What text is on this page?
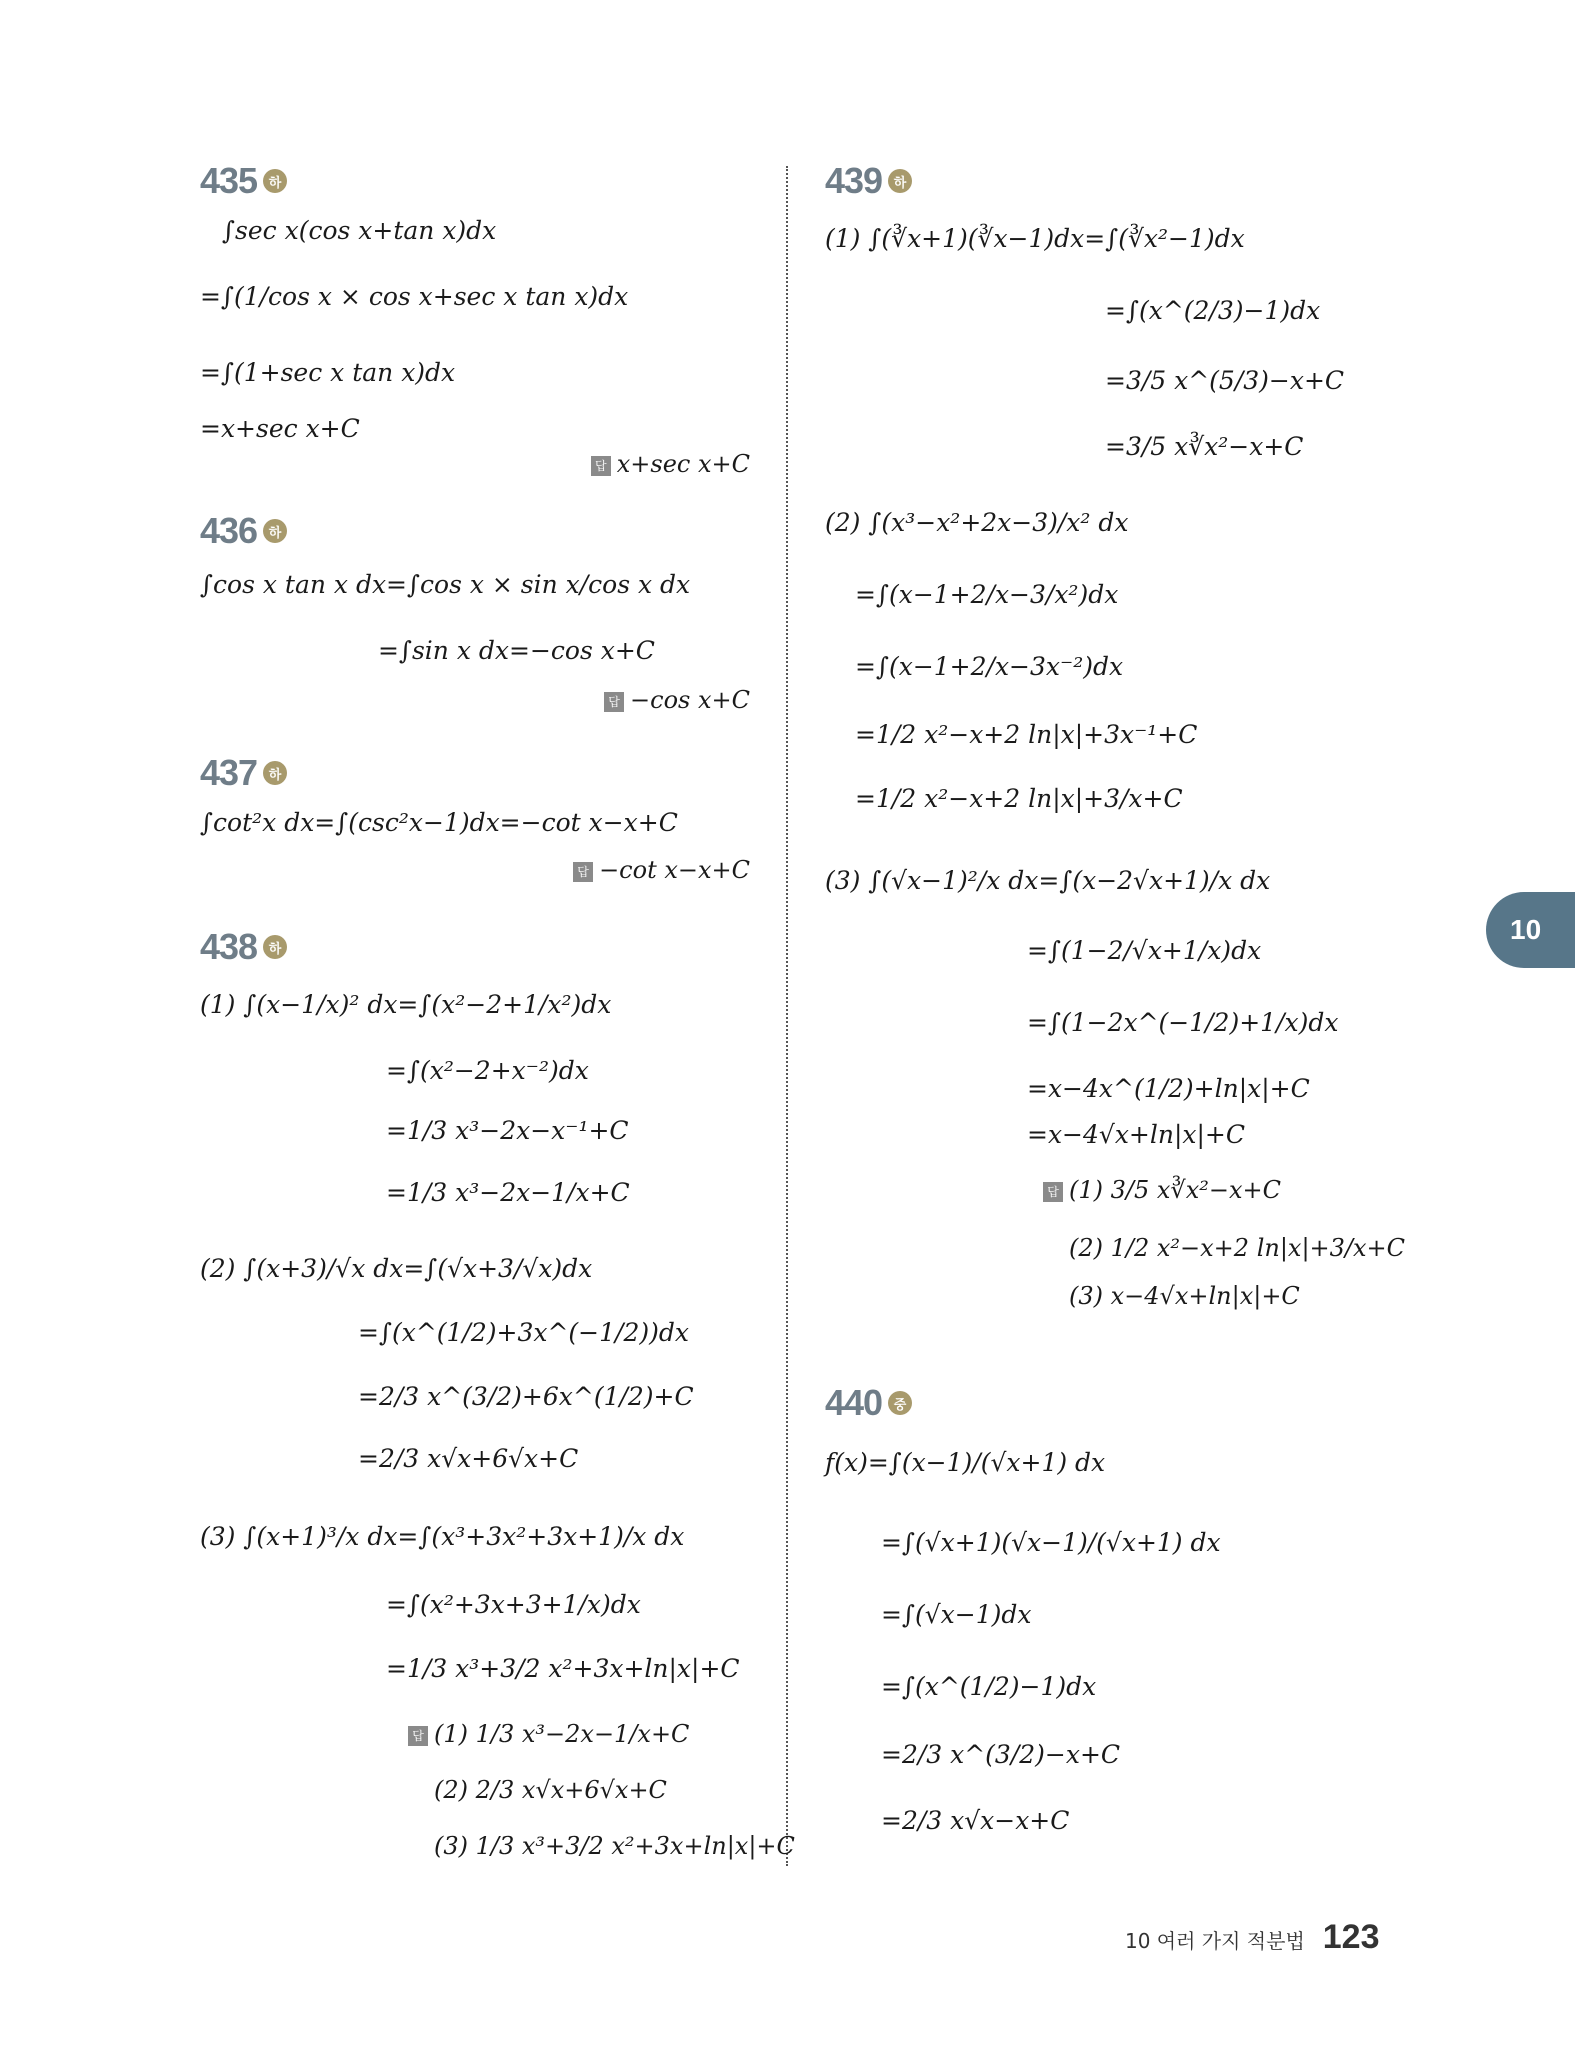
435 하
∫sec x(cos x+tan x)dx
=∫(1/cos x × cos x+sec x tan x)dx
=∫(1+sec x tan x)dx
=x+sec x+C
답 x+sec x+C
436 하
∫cos x tan x dx=∫cos x × sin x/cos x dx
=∫sin x dx=−cos x+C
답 −cos x+C
437 하
∫cot²x dx=∫(csc²x−1)dx=−cot x−x+C
답 −cot x−x+C
438 하
(1) ∫(x−1/x)² dx=∫(x²−2+1/x²)dx
=∫(x²−2+x⁻²)dx
=1/3 x³−2x−x⁻¹+C
=1/3 x³−2x−1/x+C
(2) ∫(x+3)/√x dx=∫(√x+3/√x)dx
=∫(x^(1/2)+3x^(−1/2))dx
=2/3 x^(3/2)+6x^(1/2)+C
=2/3 x√x+6√x+C
(3) ∫(x+1)³/x dx=∫(x³+3x²+3x+1)/x dx
=∫(x²+3x+3+1/x)dx
=1/3 x³+3/2 x²+3x+ln|x|+C
답 (1) 1/3 x³−2x−1/x+C
(2) 2/3 x√x+6√x+C
(3) 1/3 x³+3/2 x²+3x+ln|x|+C
439 하
(1) ∫(∛x+1)(∛x−1)dx=∫(∛x²−1)dx
=∫(x^(2/3)−1)dx
=3/5 x^(5/3)−x+C
=3/5 x∛x²−x+C
(2) ∫(x³−x²+2x−3)/x² dx
=∫(x−1+2/x−3/x²)dx
=∫(x−1+2/x−3x⁻²)dx
=1/2 x²−x+2 ln|x|+3x⁻¹+C
=1/2 x²−x+2 ln|x|+3/x+C
(3) ∫(√x−1)²/x dx=∫(x−2√x+1)/x dx
=∫(1−2/√x+1/x)dx
=∫(1−2x^(−1/2)+1/x)dx
=x−4x^(1/2)+ln|x|+C
=x−4√x+ln|x|+C
답 (1) 3/5 x∛x²−x+C
(2) 1/2 x²−x+2 ln|x|+3/x+C
(3) x−4√x+ln|x|+C
440 중
f(x)=∫(x−1)/(√x+1) dx
=∫(√x+1)(√x−1)/(√x+1) dx
=∫(√x−1)dx
=∫(x^(1/2)−1)dx
=2/3 x^(3/2)−x+C
=2/3 x√x−x+C
10
10 여러 가지 적분법 123
